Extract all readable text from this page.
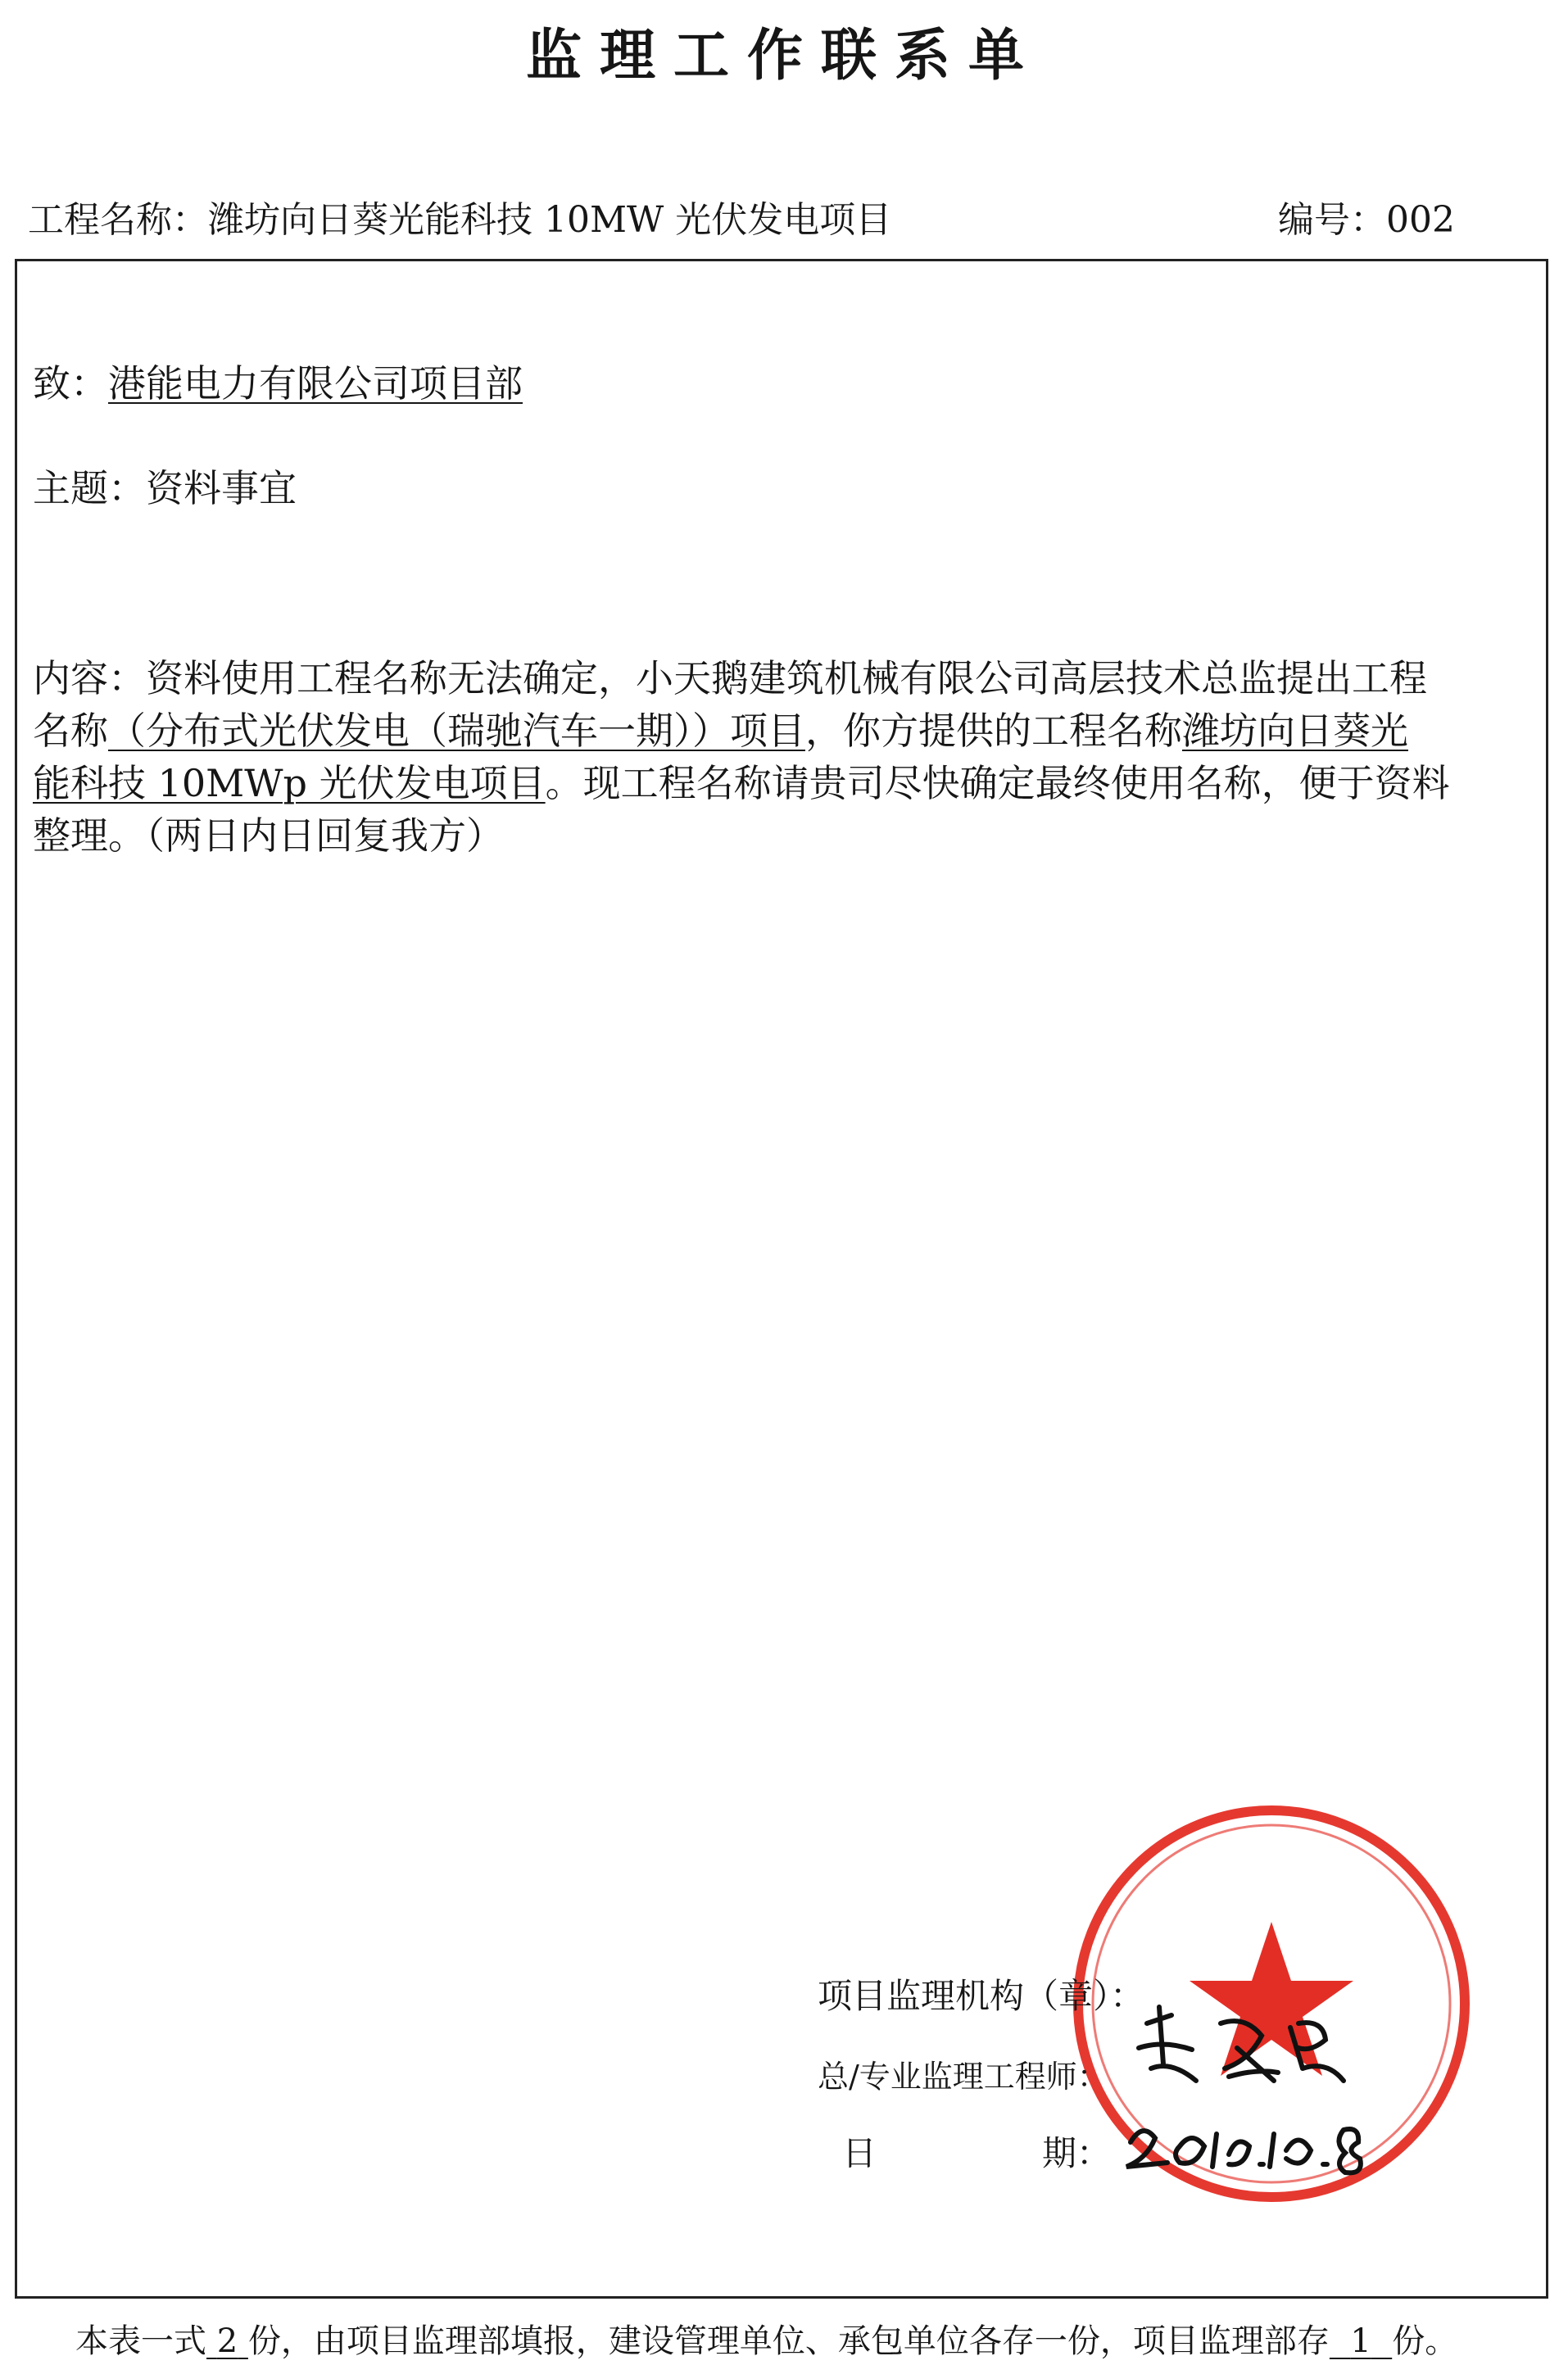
监理工作联系单
工程名称：潍坊向日葵光能科技 10MW 光伏发电项目	编号：002
致：港能电力有限公司项目部
主题：资料事宜
内容：资料使用工程名称无法确定，小天鹅建筑机械有限公司高层技术总监提出工程
名称（分布式光伏发电（瑞驰汽车一期））项目，你方提供的工程名称潍坊向日葵光
能科技 10MWp 光伏发电项目。现工程名称请贵司尽快确定最终使用名称，便于资料
整理。（两日内日回复我方）
项目监理机构（章）：
总/专业监理工程师：
日	期：
本表一式 2 份，由项目监理部填报，建设管理单位、承包单位各存一份，项目监理部存 1 份。
